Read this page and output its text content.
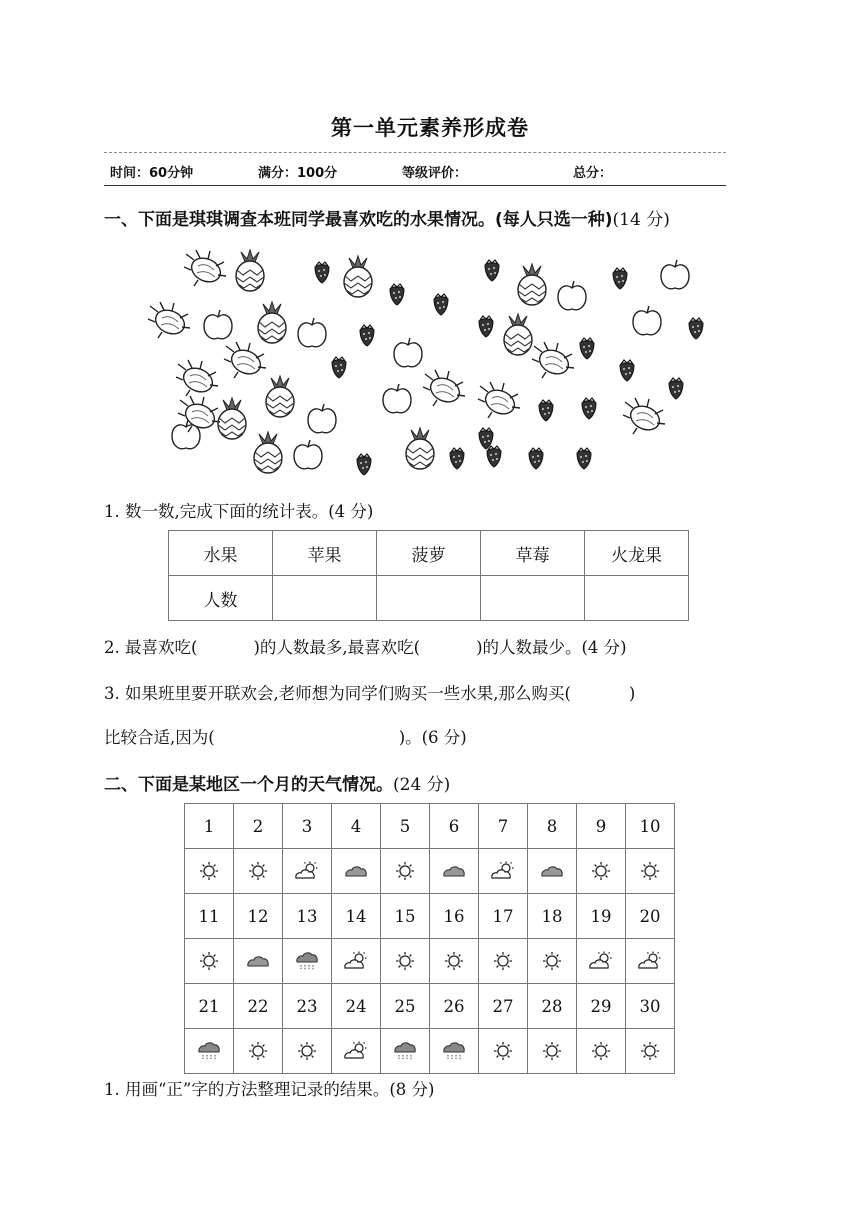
第一单元素养形成卷
时间：60分钟	满分：100分	等级评价：	总分：
一、下面是琪琪调查本班同学最喜欢吃的水果情况。(每人只选一种)(14 分)
1. 数一数,完成下面的统计表。(4 分)
水果	苹果	菠萝	草莓	火龙果
人数				
2. 最喜欢吃(	)的人数最多,最喜欢吃(	)的人数最少。(4 分)
3. 如果班里要开联欢会,老师想为同学们购买一些水果,那么购买(	)
比较合适,因为(	)。(6 分)
二、下面是某地区一个月的天气情况。(24 分)
1	2	3	4	5	6	7	8	9	10

11	12	13	14	15	16	17	18	19	20

21	22	23	24	25	26	27	28	29	30

1. 用画“正”字的方法整理记录的结果。(8 分)
